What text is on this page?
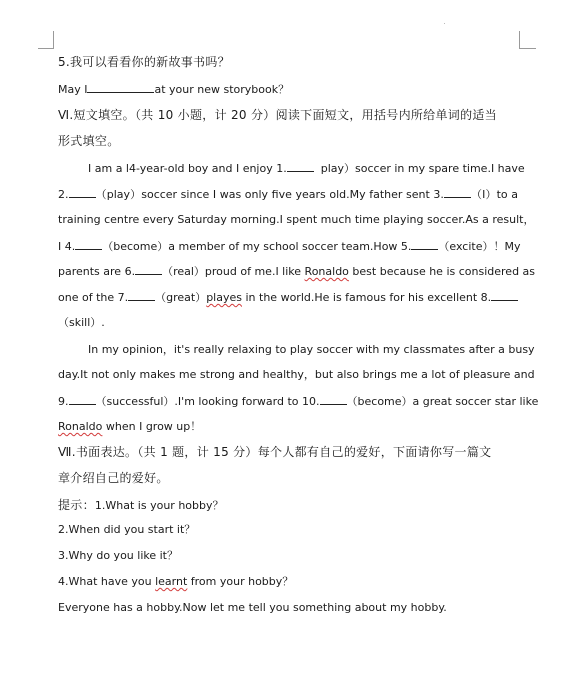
5.我可以看看你的新故事书吗？
May I	at your new storybook？
Ⅵ.短文填空。（共 10 小题，计 20 分）阅读下面短文，用括号内所给单词的适当
形式填空。
I am a l4-year-old boy and I enjoy 1.	play）soccer in my spare time.I have
2. （play）soccer since I was only five years old.My father sent 3. （I）to a
training centre every Saturday morning.I spent much time playing soccer.As a result，
I 4. （become）a member of my school soccer team.How 5. （excite）！My
parents are 6. （real）proud of me.I like Ronaldo best because he is considered as
one of the 7. （great）playes in the world.He is famous for his excellent 8.
（skill）.
In my opinion，it's really relaxing to play soccer with my classmates after a busy
day.It not only makes me strong and healthy，but also brings me a lot of pleasure and
9. （successful）.I'm looking forward to 10. （become）a great soccer star like
Ronaldo when I grow up！
Ⅶ.书面表达。（共 1 题，计 15 分）每个人都有自己的爱好，下面请你写一篇文
章介绍自己的爱好。
提示：1.What is your hobby？
2.When did you start it？
3.Why do you like it？
4.What have you learnt from your hobby？
Everyone has a hobby.Now let me tell you something about my hobby.
